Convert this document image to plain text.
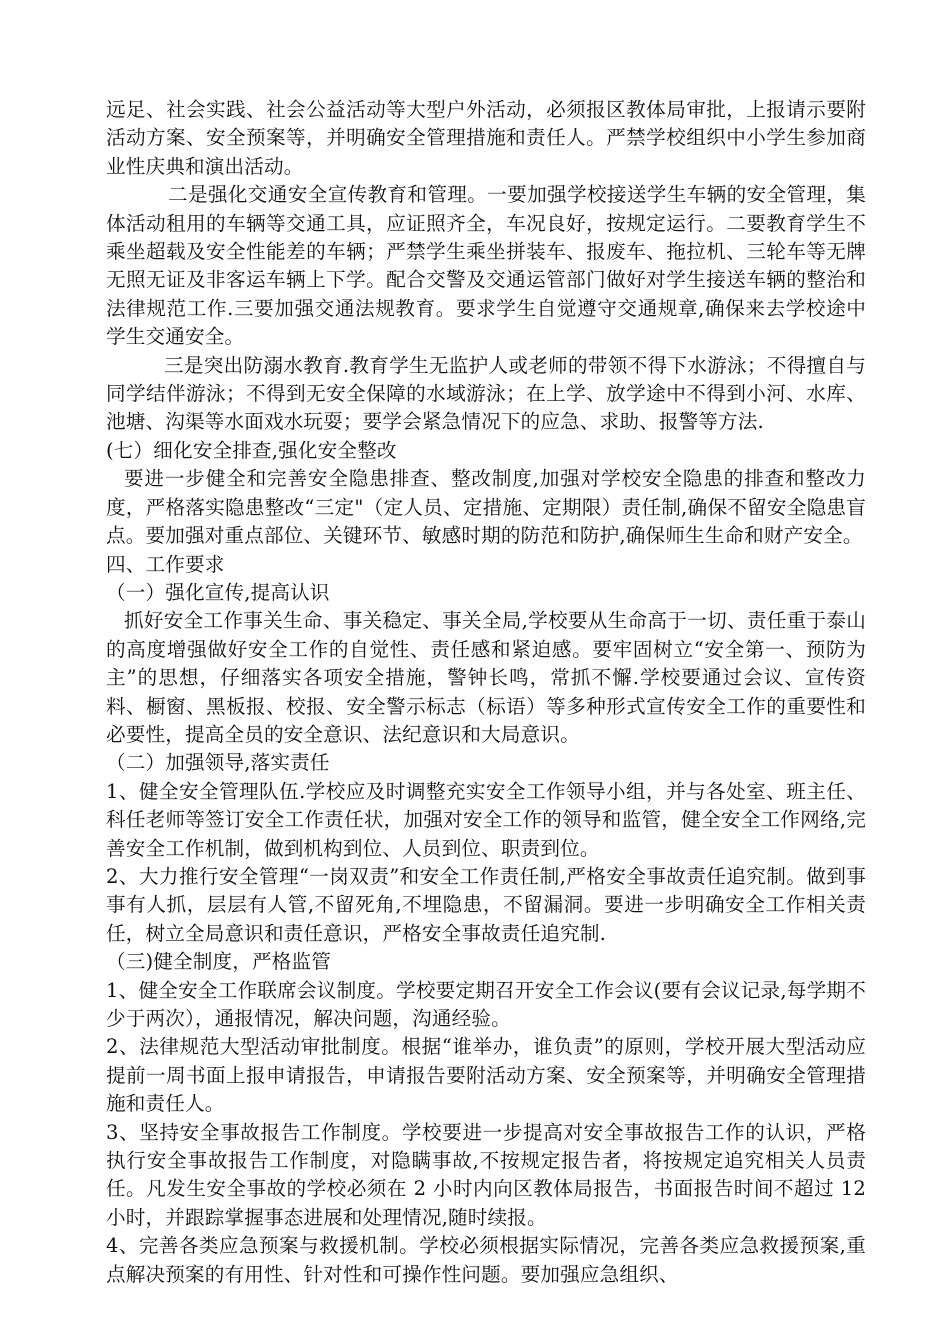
远足、社会实践、社会公益活动等大型户外活动，必须报区教体局审批，上报请示要附活动方案、安全预案等，并明确安全管理措施和责任人。严禁学校组织中小学生参加商业性庆典和演出活动。

二是强化交通安全宣传教育和管理。一要加强学校接送学生车辆的安全管理，集体活动租用的车辆等交通工具，应证照齐全，车况良好，按规定运行。二要教育学生不乘坐超载及安全性能差的车辆；严禁学生乘坐拼装车、报废车、拖拉机、三轮车等无牌无照无证及非客运车辆上下学。配合交警及交通运管部门做好对学生接送车辆的整治和法律规范工作.三要加强交通法规教育。要求学生自觉遵守交通规章,确保来去学校途中学生交通安全。

三是突出防溺水教育.教育学生无监护人或老师的带领不得下水游泳；不得擅自与同学结伴游泳；不得到无安全保障的水域游泳；在上学、放学途中不得到小河、水库、池塘、沟渠等水面戏水玩耍；要学会紧急情况下的应急、求助、报警等方法.

(七）细化安全排查,强化安全整改

要进一步健全和完善安全隐患排查、整改制度,加强对学校安全隐患的排查和整改力度，严格落实隐患整改“三定"（定人员、定措施、定期限）责任制,确保不留安全隐患盲点。要加强对重点部位、关键环节、敏感时期的防范和防护,确保师生生命和财产安全。

四、工作要求

（一）强化宣传,提高认识

抓好安全工作事关生命、事关稳定、事关全局,学校要从生命高于一切、责任重于泰山的高度增强做好安全工作的自觉性、责任感和紧迫感。要牢固树立“安全第一、预防为主”的思想，仔细落实各项安全措施，警钟长鸣，常抓不懈.学校要通过会议、宣传资料、橱窗、黑板报、校报、安全警示标志（标语）等多种形式宣传安全工作的重要性和必要性，提高全员的安全意识、法纪意识和大局意识。

（二）加强领导,落实责任

1、健全安全管理队伍.学校应及时调整充实安全工作领导小组，并与各处室、班主任、科任老师等签订安全工作责任状，加强对安全工作的领导和监管，健全安全工作网络,完善安全工作机制，做到机构到位、人员到位、职责到位。

2、大力推行安全管理“一岗双责”和安全工作责任制,严格安全事故责任追究制。做到事事有人抓，层层有人管,不留死角,不埋隐患，不留漏洞。要进一步明确安全工作相关责任，树立全局意识和责任意识，严格安全事故责任追究制.

（三)健全制度，严格监管

1、健全安全工作联席会议制度。学校要定期召开安全工作会议(要有会议记录,每学期不少于两次），通报情况，解决问题，沟通经验。

2、法律规范大型活动审批制度。根据“谁举办，谁负责”的原则，学校开展大型活动应提前一周书面上报申请报告，申请报告要附活动方案、安全预案等，并明确安全管理措施和责任人。

3、坚持安全事故报告工作制度。学校要进一步提高对安全事故报告工作的认识，严格执行安全事故报告工作制度，对隐瞒事故,不按规定报告者，将按规定追究相关人员责任。凡发生安全事故的学校必须在 2 小时内向区教体局报告，书面报告时间不超过 12 小时，并跟踪掌握事态进展和处理情况,随时续报。

4、完善各类应急预案与救援机制。学校必须根据实际情况，完善各类应急救援预案,重点解决预案的有用性、针对性和可操作性问题。要加强应急组织、
